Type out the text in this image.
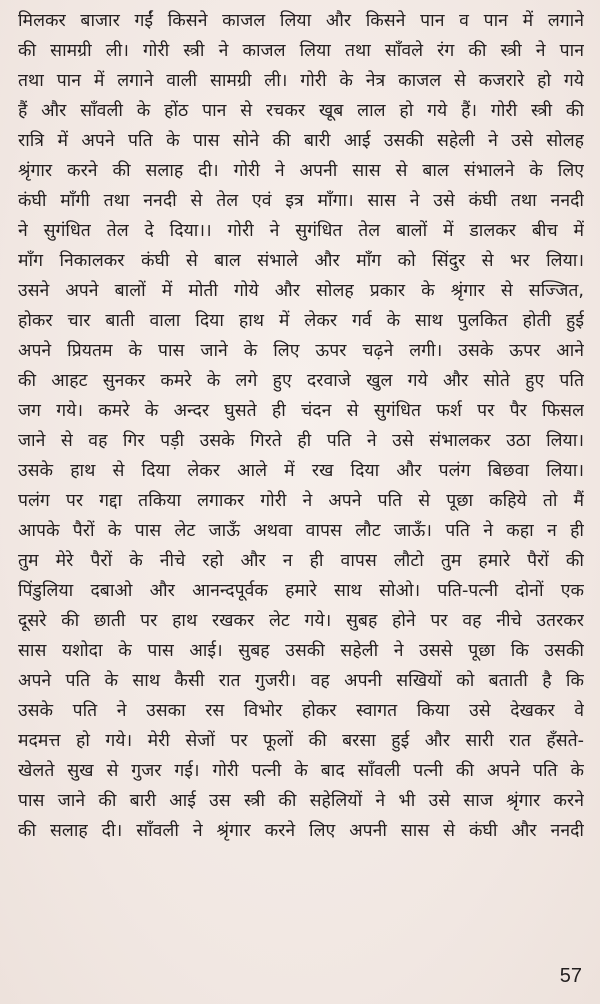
मिलकर बाजार गईं किसने काजल लिया और किसने पान व पान में लगाने
की सामग्री ली। गोरी स्त्री ने काजल लिया तथा साँवले रंग की स्त्री ने पान
तथा पान में लगाने वाली सामग्री ली। गोरी के नेत्र काजल से कजरारे हो गये
हैं और साँवली के होंठ पान से रचकर खूब लाल हो गये हैं। गोरी स्त्री की
रात्रि में अपने पति के पास सोने की बारी आई उसकी सहेली ने उसे सोलह
श्रृंगार करने की सलाह दी। गोरी ने अपनी सास से बाल संभालने के लिए
कंघी माँगी तथा ननदी से तेल एवं इत्र माँगा। सास ने उसे कंघी तथा ननदी
ने सुगंधित तेल दे दिया।। गोरी ने सुगंधित तेल बालों में डालकर बीच में
माँग निकालकर कंघी से बाल संभाले और माँग को सिंदुर से भर लिया।
उसने अपने बालों में मोती गोये और सोलह प्रकार के श्रृंगार से सज्जित,
होकर चार बाती वाला दिया हाथ में लेकर गर्व के साथ पुलकित होती हुई
अपने प्रियतम के पास जाने के लिए ऊपर चढ़ने लगी। उसके ऊपर आने
की आहट सुनकर कमरे के लगे हुए दरवाजे खुल गये और सोते हुए पति
जग गये। कमरे के अन्दर घुसते ही चंदन से सुगंधित फर्श पर पैर फिसल
जाने से वह गिर पड़ी उसके गिरते ही पति ने उसे संभालकर उठा लिया।
उसके हाथ से दिया लेकर आले में रख दिया और पलंग बिछवा लिया।
पलंग पर गद्दा तकिया लगाकर गोरी ने अपने पति से पूछा कहिये तो मैं
आपके पैरों के पास लेट जाऊँ अथवा वापस लौट जाऊँ। पति ने कहा न ही
तुम मेरे पैरों के नीचे रहो और न ही वापस लौटो तुम हमारे पैरों की
पिंडुलिया दबाओ और आनन्दपूर्वक हमारे साथ सोओ। पति-पत्नी दोनों एक
दूसरे की छाती पर हाथ रखकर लेट गये। सुबह होने पर वह नीचे उतरकर
सास यशोदा के पास आई। सुबह उसकी सहेली ने उससे पूछा कि उसकी
अपने पति के साथ कैसी रात गुजरी। वह अपनी सखियों को बताती है कि
उसके पति ने उसका रस विभोर होकर स्वागत किया उसे देखकर वे
मदमत्त हो गये। मेरी सेजों पर फूलों की बरसा हुई और सारी रात हँसते-
खेलते सुख से गुजर गई। गोरी पत्नी के बाद साँवली पत्नी की अपने पति के
पास जाने की बारी आई उस स्त्री की सहेलियों ने भी उसे साज श्रृंगार करने
की सलाह दी। साँवली ने श्रृंगार करने लिए अपनी सास से कंघी और ननदी
57
